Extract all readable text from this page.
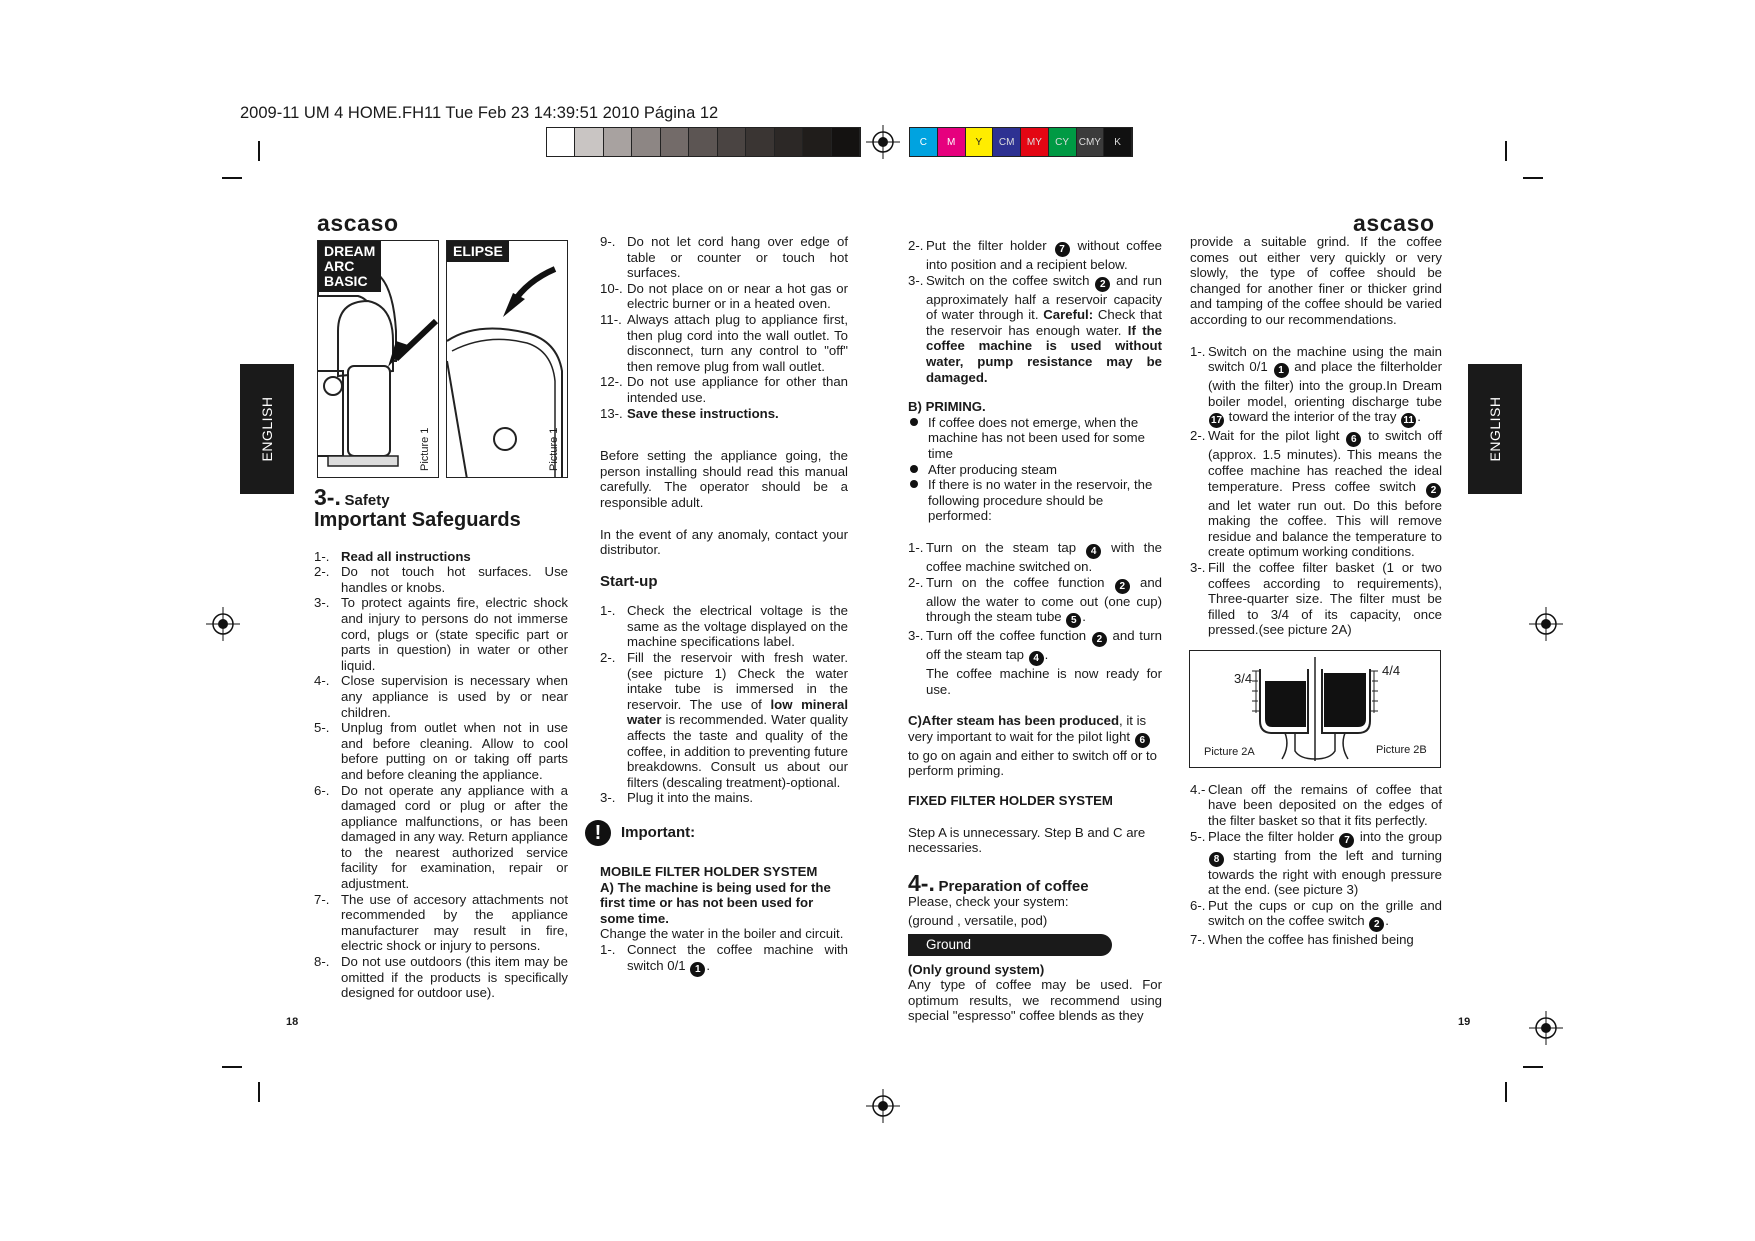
2009-11 UM 4 HOME.FH11 Tue Feb 23 14:39:51 2010 Página 12
C	M	Y	CM	MY	CY CMY	K
ENGLISH	ENGLISH
ascaso	ascaso
DREAM
ARC
BASIC
Picture 1
ELIPSE
Picture 1
3-. Safety
Important Safeguards
1-. Read all instructions
2-. Do not touch hot surfaces. Use handles or knobs.
3-. To protect againts fire, electric shock and injury to persons do not immerse cord, plugs or (state specific part or parts in question) in water or other liquid.
4-. Close supervision is necessary when any appliance is used by or near children.
5-. Unplug from outlet when not in use and before cleaning. Allow to cool before putting on or taking off parts and before cleaning the appliance.
6-. Do not operate any appliance with a damaged cord or plug or after the appliance malfunctions, or has been damaged in any way. Return appliance to the nearest authorized service facility for examination, repair or adjustment.
7-. The use of accesory attachments not recommended by the appliance manufacturer may result in fire, electric shock or injury to persons.
8-. Do not use outdoors (this item may be omitted if the products is specifically designed for outdoor use).
9-. Do not let cord hang over edge of table or counter or touch hot surfaces.
10-. Do not place on or near a hot gas or electric burner or in a heated oven.
11-. Always attach plug to appliance first, then plug cord into the wall outlet. To disconnect, turn any control to "off" then remove plug from wall outlet.
12-. Do not use appliance for other than intended use.
13-. Save these instructions.

Before setting the appliance going, the person installing should read this manual carefully. The operator should be a responsible adult.

In the event of any anomaly, contact your distributor.

Start-up
1-. Check the electrical voltage is the same as the voltage displayed on the machine specifications label.
2-. Fill the reservoir with fresh water. (see picture 1) Check the water intake tube is immersed in the reservoir. The use of low mineral water is recommended. Water quality affects the taste and quality of the coffee, in addition to preventing future breakdowns. Consult us about our filters (descaling treatment)-optional.
3-. Plug it into the mains.
!	Important:
MOBILE FILTER HOLDER SYSTEM

A) The machine is being used for the first time or has not been used for some time.

Change the water in the boiler and circuit.

1-. Connect the coffee machine with switch 0/1 1 .
2-. Put the filter holder 7 without coffee into position and a recipient below.
3-. Switch on the coffee switch 2 and run approximately half a reservoir capacity of water through it. Careful: Check that the reservoir has enough water. If the coffee machine is used without water, pump resistance may be damaged.
B) PRIMING.
If coffee does not emerge, when the machine has not been used for some time
After producing steam
If there is no water in the reservoir, the following procedure should be performed:
1-. Turn on the steam tap 4 with the coffee machine switched on.
2-. Turn on the coffee function 2 and allow the water to come out (one cup) through the steam tube 5 .
3-. Turn off the coffee function 2 and turn off the steam tap 4 .
The coffee machine is now ready for use.

C)After steam has been produced, it is very important to wait for the pilot light 6 to go on again and either to switch off or to perform priming.

FIXED FILTER HOLDER SYSTEM

Step A is unnecessary. Step B and C are necessaries.

4-. Preparation of coffee

Please, check your system:

(ground , versatile, pod)

Ground

(Only ground system)

Any type of coffee may be used. For optimum results, we recommend using special "espresso" coffee blends as they

provide a suitable grind. If the coffee comes out either very quickly or very slowly, the type of coffee should be changed for another finer or thicker grind and tamping of the coffee should be varied according to our recommendations.

1-. Switch on the machine using the main switch 0/1 1 and place the filterholder (with the filter) into the group.In Dream boiler model, orienting discharge tube 17 toward the interior of the tray 11 .
2-. Wait for the pilot light 6 to switch off (approx. 1.5 minutes). This means the coffee machine has reached the ideal temperature. Press coffee switch 2 and let water run out. Do this before making the coffee. This will remove residue and balance the temperature to create optimum working conditions.
3-. Fill the coffee filter basket (1 or two coffees according to requirements), Three-quarter size. The filter must be filled to 3/4 of its capacity, once pressed.(see picture 2A)
3/4
4/4
Picture 2A	Picture 2B
4.- Clean off the remains of coffee that have been deposited on the edges of the filter basket so that it fits perfectly.
5-. Place the filter holder 7 into the group 8 starting from the left and turning towards the right with enough pressure at the end. (see picture 3)
6-. Put the cups or cup on the grille and switch on the coffee switch 2 .
7-. When the coffee has finished being
18	19
